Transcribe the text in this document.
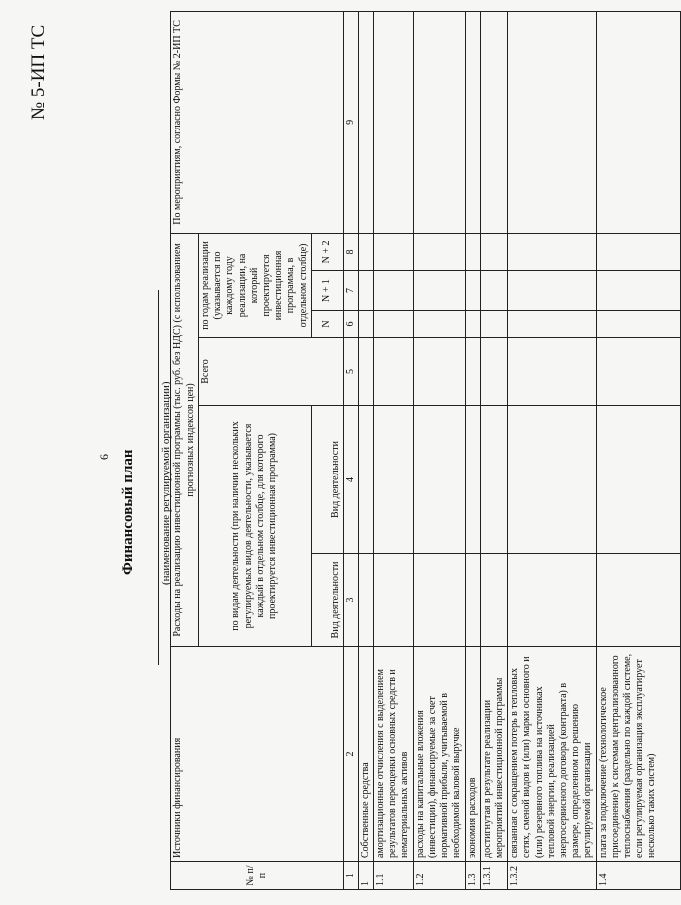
№ 5-ИП ТС
6 Финансовый план (наименование регулируемой организации)
№ п/п	Источники финансирования	Расходы на реализацию инвестиционной программы (тыс. руб. без НДС) (с использованием прогнозных индексов цен)						По мероприятиям, согласно Формы № 2-ИП ТС
		по видам деятельности (при наличии нескольких регулируемых видов деятельности, указывается каждый в отдельном столбце, для которого проектируется инвестиционная программа)		Всего	по годам реализации (указывается по каждому году реализации, на который проектируется инвестиционная программа, в отдельном столбце)			
		Вид деятельности	Вид деятельности		N	N + 1	N + 2	

1	2	3	4	5	6	7	8	9
1	Собственные средства							
1.1	амортизационные отчисления с выделением результатов переоценки основных средств и нематериальных активов							
1.2	расходы на капитальные вложения (инвестиции), финансируемые за счет нормативной прибыли, учитываемой в необходимой валовой выручке							
1.3	экономия расходов							
1.3.1	достигнутая в результате реализации мероприятий инвестиционной программы							
1.3.2	связанная с сокращением потерь в тепловых сетях, сменой видов и (или) марки основного и (или) резервного топлива на источниках тепловой энергии, реализацией энергосервисного договора (контракта) в размере, определенном по решению регулируемой организации							
1.4	плата за подключение (технологическое присоединение) к системам централизованного теплоснабжения (раздельно по каждой системе, если регулируемая организация эксплуатирует несколько таких систем)							
